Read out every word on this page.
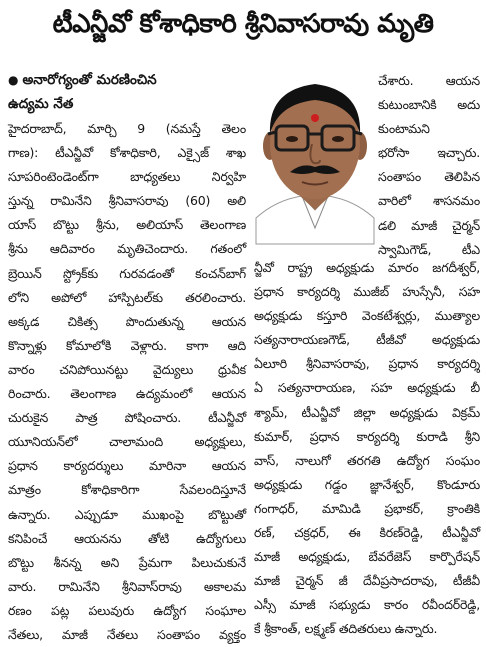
టీఎన్జీవో కోశాధికారి శ్రీనివాసరావు మృతి
● అనారోగ్యంతో మరణించిన
ఉద్యమ నేత
హైదరాబాద్, మార్చి 9 (నమస్తే తెలం
గాణ): టీఎన్జీవో కోశాధికారి, ఎక్సైజ్ శాఖ
సూపరింటెండెంట్‌గా బాధ్యతలు నిర్వహి
స్తున్న రామినేని శ్రీనివాసరావు (60) అలి
యాస్ బొట్టు శ్రీను, అలియాస్ తెలంగాణ
శ్రీను ఆదివారం మృతిచెందారు. గతంలో
బ్రెయిన్ స్ట్రోక్‌కు గురవడంతో కంచన్‌బాగ్
లోని అపోలో హాస్పిటల్‌కు తరలించారు.
అక్కడ చికిత్స పొందుతున్న ఆయన
కొన్నాళ్లు కోమాలోకి వెళ్లారు. కాగా ఆది
వారం చనిపోయినట్టు వైద్యులు ధ్రువీక
రించారు. తెలంగాణ ఉద్యమంలో ఆయన
చురుకైన పాత్ర పోషించారు. టీఎన్జీవో
యూనియన్‌లో చాలామంది అధ్యక్షులు,
ప్రధాన కార్యదర్శులు మారినా ఆయన
మాత్రం కోశాధికారిగా సేవలందిస్తూనే
ఉన్నారు. ఎప్పుడూ ముఖంపై బొట్టుతో
కనిపించే ఆయనను తోటి ఉద్యోగులు
బొట్టు శీనన్న అని ప్రేమగా పిలుచుకునే
వారు. రామినేని శ్రీనివాస్‌రావు అకాలమ
రణం పట్ల పలువురు ఉద్యోగ సంఘాల
నేతలు, మాజీ నేతలు సంతాపం వ్యక్తం
చేశారు. ఆయన
కుటుంబానికి అదు
కుంటామని
భరోసా ఇచ్చారు.
సంతాపం తెలిపిన
వారిలో శాసనమం
డలి మాజీ చైర్మన్
స్వామిగౌడ్, టీఎ
న్జీవో రాష్ట్ర అధ్యక్షుడు మారం జగదీశ్వర్,
ప్రధాన కార్యదర్శి ముజీబ్ హుస్సేనీ, సహ
అధ్యక్షుడు కస్తూరి వెంకటేశ్వర్లు, ముత్యాల
సత్యనారాయణగౌడ్, టీజీవో అధ్యక్షుడు
ఏలూరి శ్రీనివాసరావు, ప్రధాన కార్యదర్శి
ఏ సత్యనారాయణ, సహ అధ్యక్షుడు బీ
శ్యామ్, టీఎన్జీవో జిల్లా అధ్యక్షుడు విక్రమ్
కుమార్, ప్రధాన కార్యదర్శి కురాడి శ్రీని
వాస్, నాలుగో తరగతి ఉద్యోగ సంఘం
అధ్యక్షుడు గడ్డం జ్ఞానేశ్వర్, కొండూరు
గంగాధర్, మామిడి ప్రభాకర్, క్రాంతికి
రణ్, చక్రధర్, ఈ కిరణ్‌రెడ్డి, టీఎన్జీవో
మాజీ అధ్యక్షుడు, బేవరేజెస్ కార్పొరేషన్
మాజీ చైర్మన్ జీ దేవీప్రసాదరావు, టీజీవీ
ఎస్సీ మాజీ సభ్యుడు కారం రవీందర్‌రెడ్డి,
కే శ్రీకాంత్, లక్ష్మణ్ తదితరులు ఉన్నారు.
